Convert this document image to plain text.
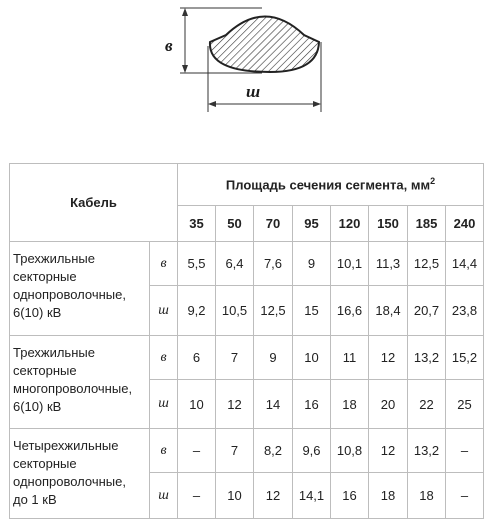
в
ш
Кабель		Площадь сечения сегмента, $мм^2$
		35	50	70	95	120	150	185	240

Трехжильные
секторные
однопроволочные,
6(10) кВ	в	5,5	6,4	7,6	9	10,1	11,3	12,5	14,4
	ш	9,2	10,5	12,5	15	16,6	18,4	20,7	23,8

Трехжильные
секторные
многопроволочные,
6(10) кВ	в	6	7	9	10	11	12	13,2	15,2
	ш	10	12	14	16	18	20	22	25

Четырехжильные
секторные
однопроволочные,
до 1 кВ	в	–	7	8,2	9,6	10,8	12	13,2	–
	ш	–	10	12	14,1	16	18	18	–
